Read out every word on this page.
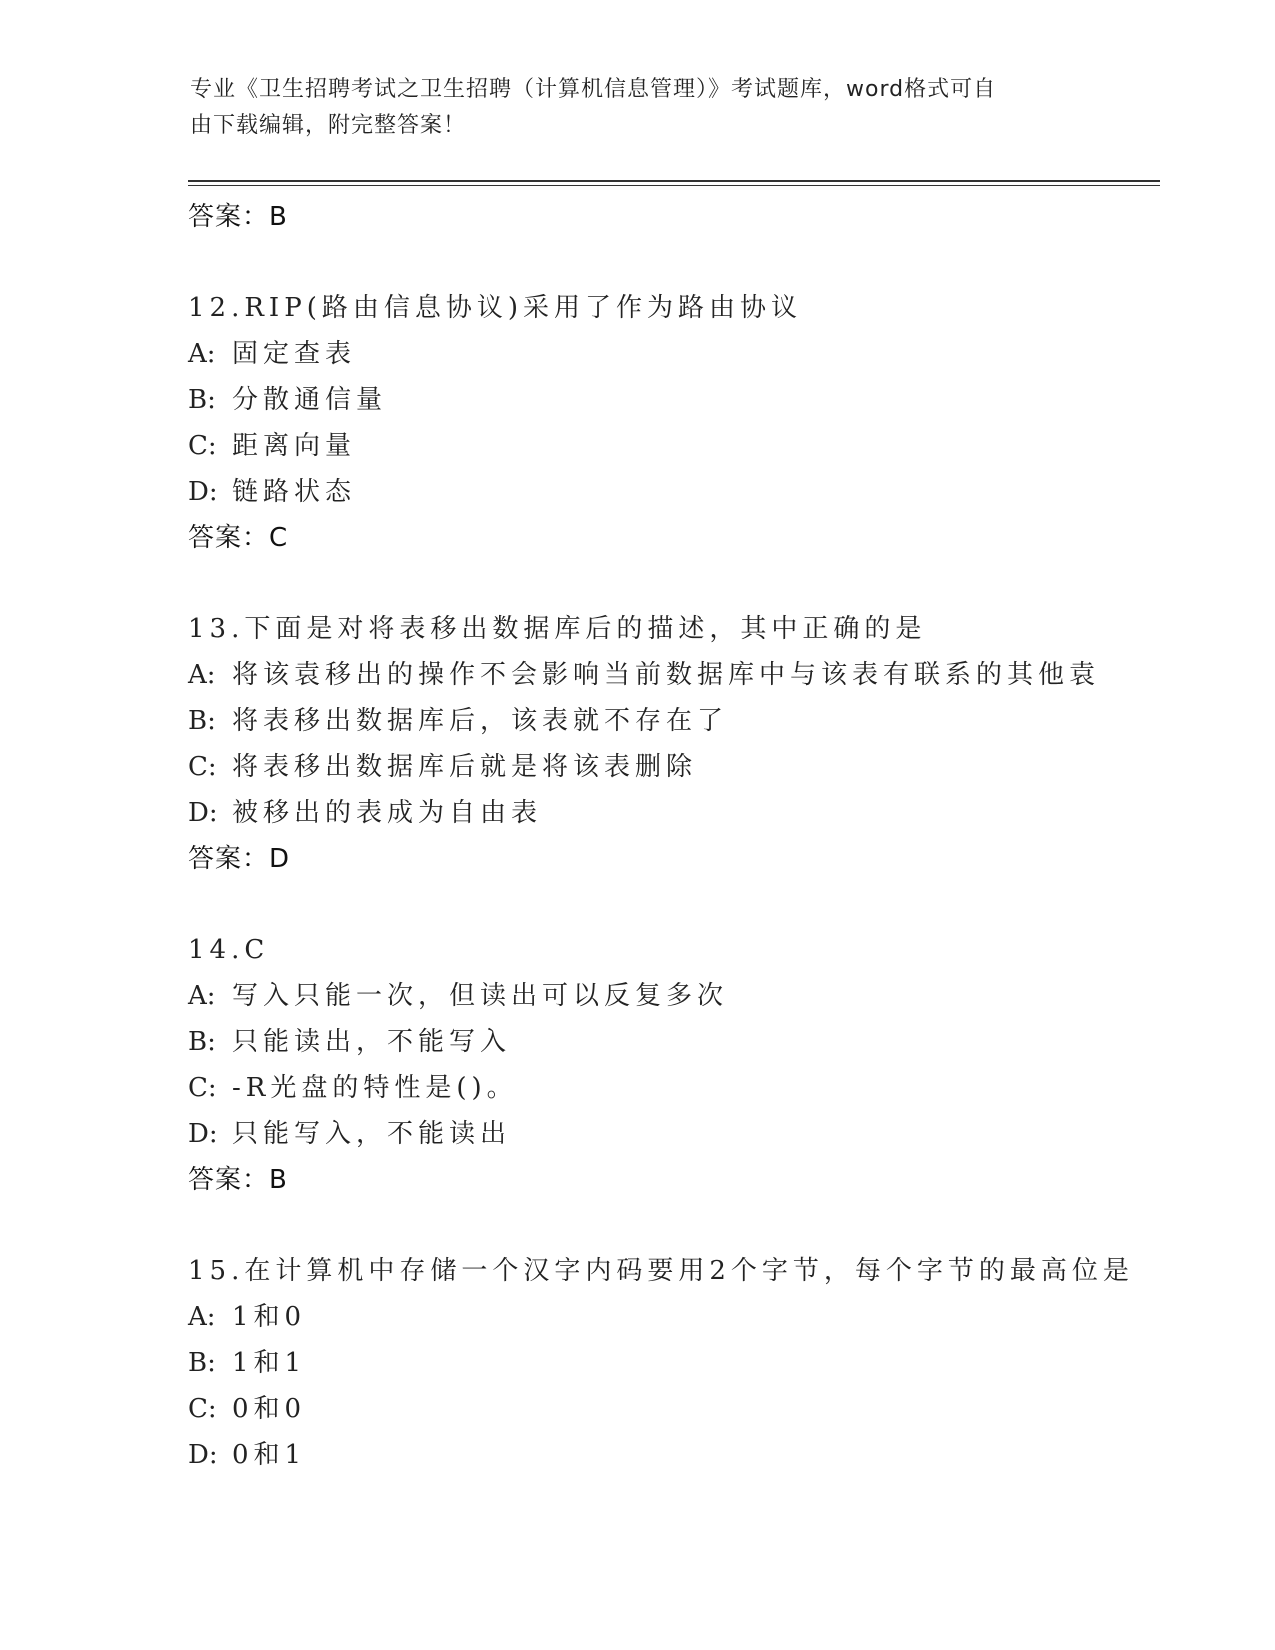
专业《卫生招聘考试之卫生招聘（计算机信息管理）》考试题库，word格式可自
由下载编辑，附完整答案！
答案：B
12.RIP(路由信息协议)采用了作为路由协议
A: 固定查表
B: 分散通信量
C: 距离向量
D: 链路状态
答案：C
13.下面是对将表移出数据库后的描述，其中正确的是
A: 将该袁移出的操作不会影响当前数据库中与该表有联系的其他袁
B: 将表移出数据库后，该表就不存在了
C: 将表移出数据库后就是将该表删除
D: 被移出的表成为自由表
答案：D
14.C
A: 写入只能一次，但读出可以反复多次
B: 只能读出，不能写入
C: -R光盘的特性是()。
D: 只能写入，不能读出
答案：B
15.在计算机中存储一个汉字内码要用2个字节，每个字节的最高位是
A: 1和0
B: 1和1
C: 0和0
D: 0和1
